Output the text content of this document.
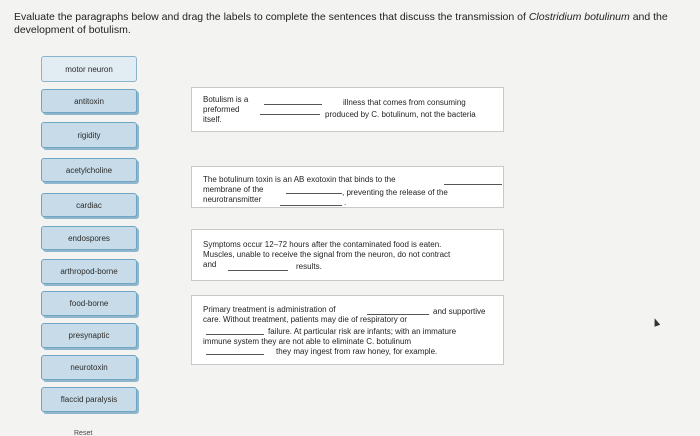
Evaluate the paragraphs below and drag the labels to complete the sentences that discuss the transmission of Clostridium botulinum and the development of botulism.
motor neuron
antitoxin
rigidity
acetylcholine
cardiac
endospores
arthropod-borne
food-borne
presynaptic
neurotoxin
flaccid paralysis
Reset
Botulism is a
preformed
itself.
illness that comes from consuming
produced by C. botulinum, not the bacteria
The botulinum toxin is an AB exotoxin that binds to the
membrane of the	, preventing the release of the
neurotransmitter	.
Symptoms occur 12–72 hours after the contaminated food is eaten.
Muscles, unable to receive the signal from the neuron, do not contract
and	results.
Primary treatment is administration of	and supportive
care. Without treatment, patients may die of respiratory or
failure. At particular risk are infants; with an immature
immune system they are not able to eliminate C. botulinum
they may ingest from raw honey, for example.
